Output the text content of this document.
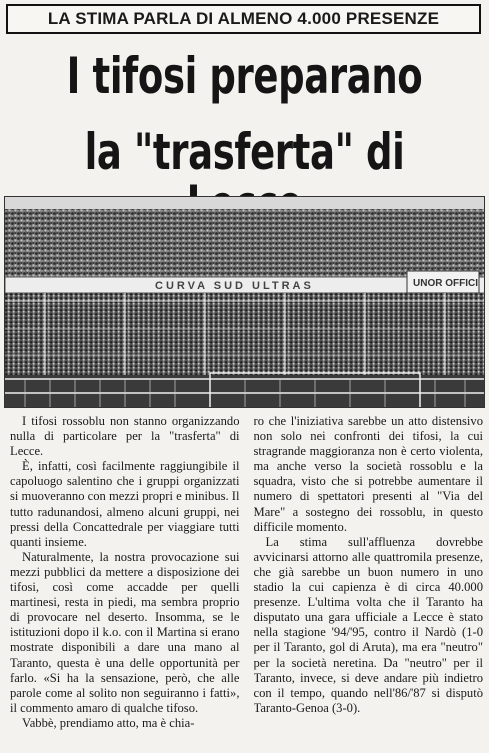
LA STIMA PARLA DI ALMENO 4.000 PRESENZE
I tifosi preparano
la "trasferta" di
CURVA SUD ULTRAS	UNOR OFFICI

I tifosi rossoblu non stanno organizzando nulla di particolare per la "trasferta" di Lecce.

È, infatti, così facilmente raggiungibile il capoluogo salentino che i gruppi organizzati si muoveranno con mezzi propri e minibus. Il tutto radunandosi, almeno alcuni gruppi, nei pressi della Concattedrale per viaggiare tutti quanti insieme.

Naturalmente, la nostra provocazione sui mezzi pubblici da mettere a disposizione dei tifosi, così come accadde per quelli martinesi, resta in piedi, ma sembra proprio di provocare nel deserto. Insomma, se le istituzioni dopo il k.o. con il Martina si erano mostrate disponibili a dare una mano al Taranto, questa è una delle opportunità per farlo. «Si ha la sensazione, però, che alle parole come al solito non seguiranno i fatti», il commento amaro di qualche tifoso.

Vabbè, prendiamo atto, ma è chia-

ro che l'iniziativa sarebbe un atto distensivo non solo nei confronti dei tifosi, la cui stragrande maggioranza non è certo violenta, ma anche verso la società rossoblu e la squadra, visto che si potrebbe aumentare il numero di spettatori presenti al "Via del Mare" a sostegno dei rossoblu, in questo difficile momento.

La stima sull'affluenza dovrebbe avvicinarsi attorno alle quattromila presenze, che già sarebbe un buon numero in uno stadio la cui capienza è di circa 40.000 presenze. L'ultima volta che il Taranto ha disputato una gara ufficiale a Lecce è stato nella stagione '94/'95, contro il Nardò (1-0 per il Taranto, gol di Aruta), ma era "neutro" per la società neretina. Da "neutro" per il Taranto, invece, si deve andare più indietro con il tempo, quando nell'86/'87 si disputò Taranto-Genoa (3-0).
